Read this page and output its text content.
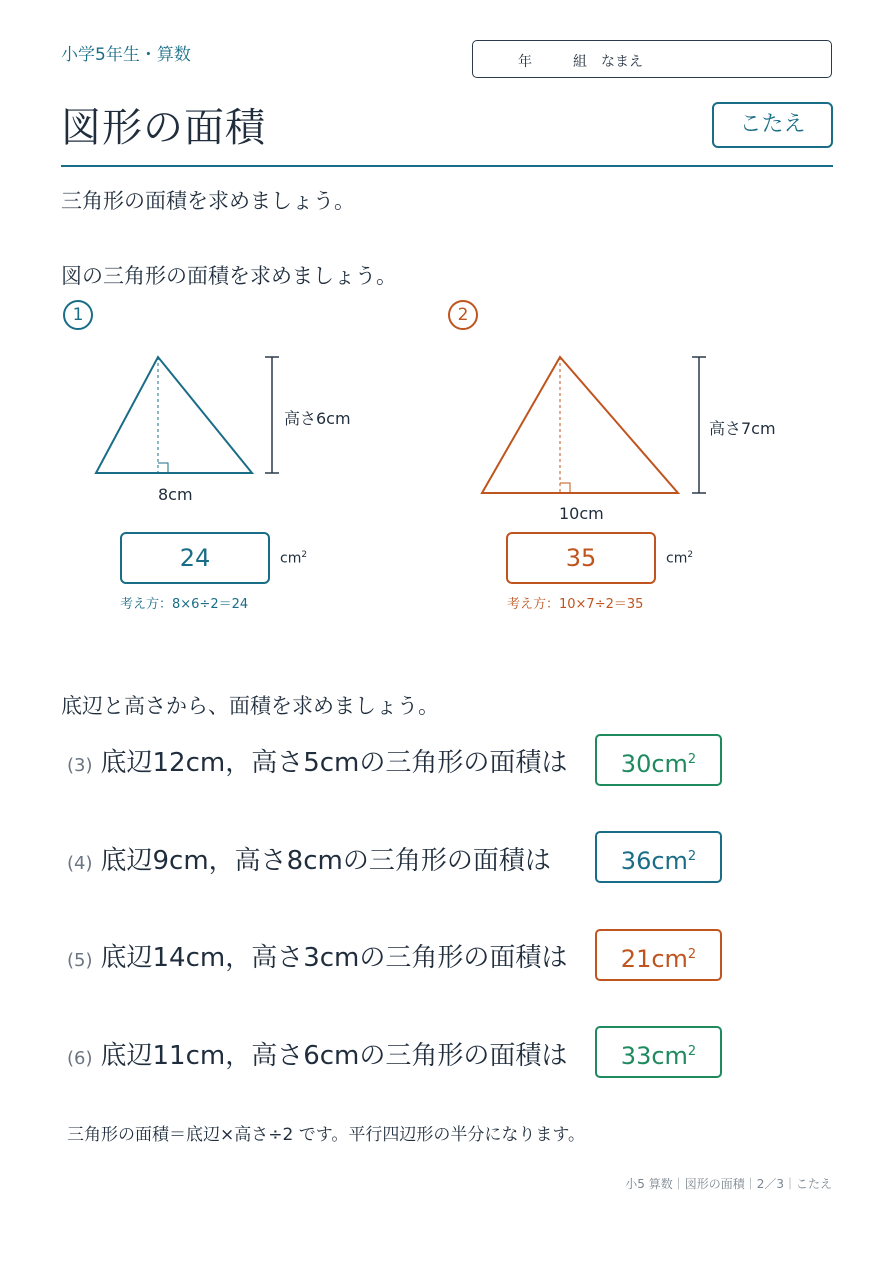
小学5年生・算数	年	組 なまえ
図形の面積	こたえ
三角形の面積を求めましょう。
図の三角形の面積を求めましょう。
1
高さ6cm
8cm
24	$cm^2$
考え方：8×6÷2＝24
2
高さ7cm
10cm
35	$cm^2$
考え方：10×7÷2＝35
底辺と高さから、面積を求めましょう。
(3) 底辺12cm，高さ5cmの三角形の面積は	$30cm^2$
(4) 底辺9cm，高さ8cmの三角形の面積は	$36cm^2$
(5) 底辺14cm，高さ3cmの三角形の面積は	$21cm^2$
(6) 底辺11cm，高さ6cmの三角形の面積は	$33cm^2$
三角形の面積＝底辺×高さ÷2 です。平行四辺形の半分になります。
小5 算数｜図形の面積｜2／3｜こたえ
